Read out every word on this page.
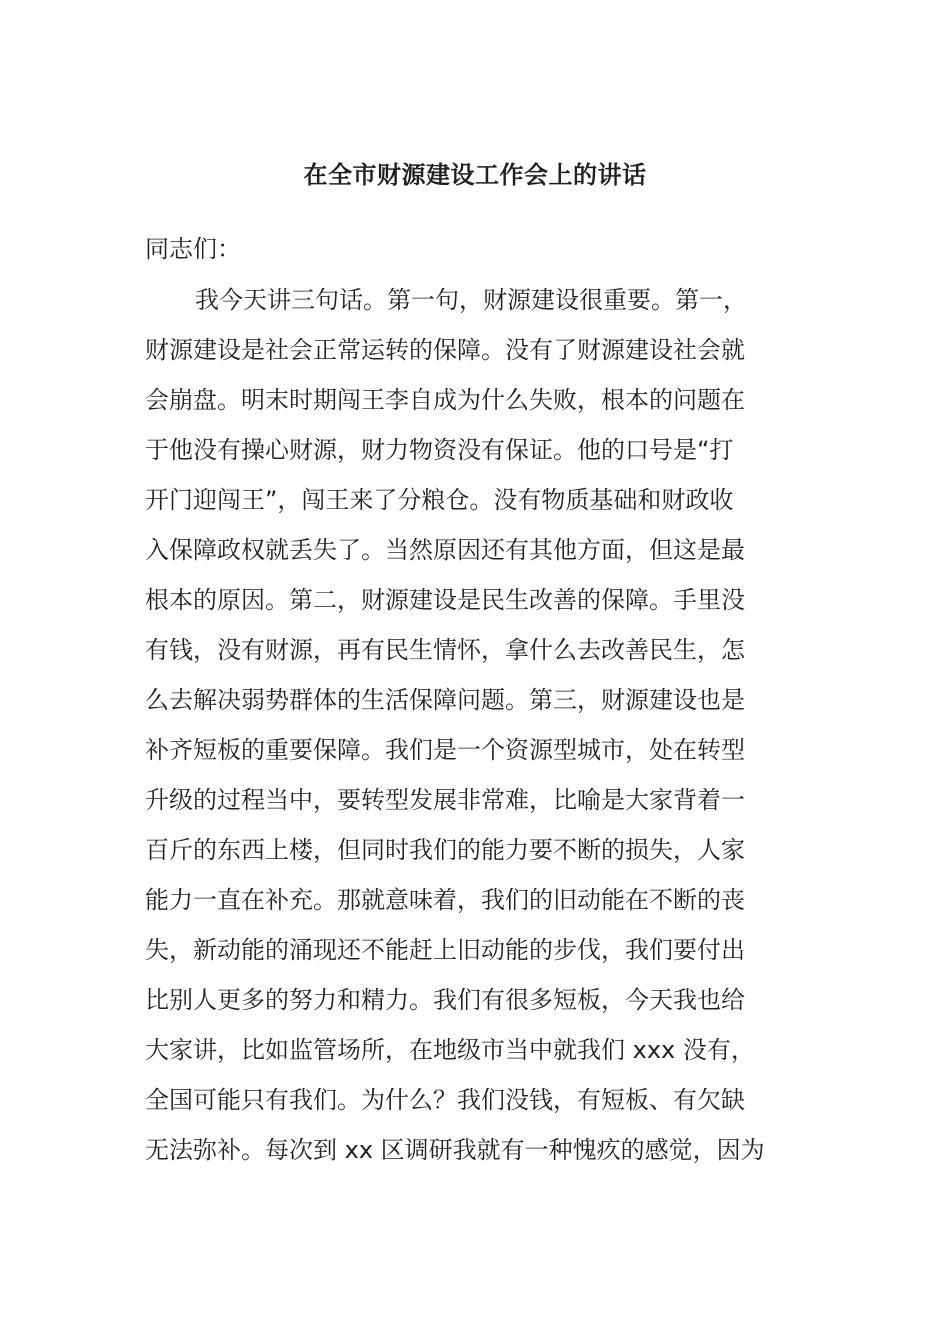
在全市财源建设工作会上的讲话
同志们：
我今天讲三句话。第一句，财源建设很重要。第一，
财源建设是社会正常运转的保障。没有了财源建设社会就
会崩盘。明末时期闯王李自成为什么失败，根本的问题在
于他没有操心财源，财力物资没有保证。他的口号是“打
开门迎闯王”，闯王来了分粮仓。没有物质基础和财政收
入保障政权就丢失了。当然原因还有其他方面，但这是最
根本的原因。第二，财源建设是民生改善的保障。手里没
有钱，没有财源，再有民生情怀，拿什么去改善民生，怎
么去解决弱势群体的生活保障问题。第三，财源建设也是
补齐短板的重要保障。我们是一个资源型城市，处在转型
升级的过程当中，要转型发展非常难，比喻是大家背着一
百斤的东西上楼，但同时我们的能力要不断的损失，人家
能力一直在补充。那就意味着，我们的旧动能在不断的丧
失，新动能的涌现还不能赶上旧动能的步伐，我们要付出
比别人更多的努力和精力。我们有很多短板，今天我也给
大家讲，比如监管场所，在地级市当中就我们 xxx 没有，
全国可能只有我们。为什么？我们没钱，有短板、有欠缺
无法弥补。每次到 xx 区调研我就有一种愧疚的感觉，因为
